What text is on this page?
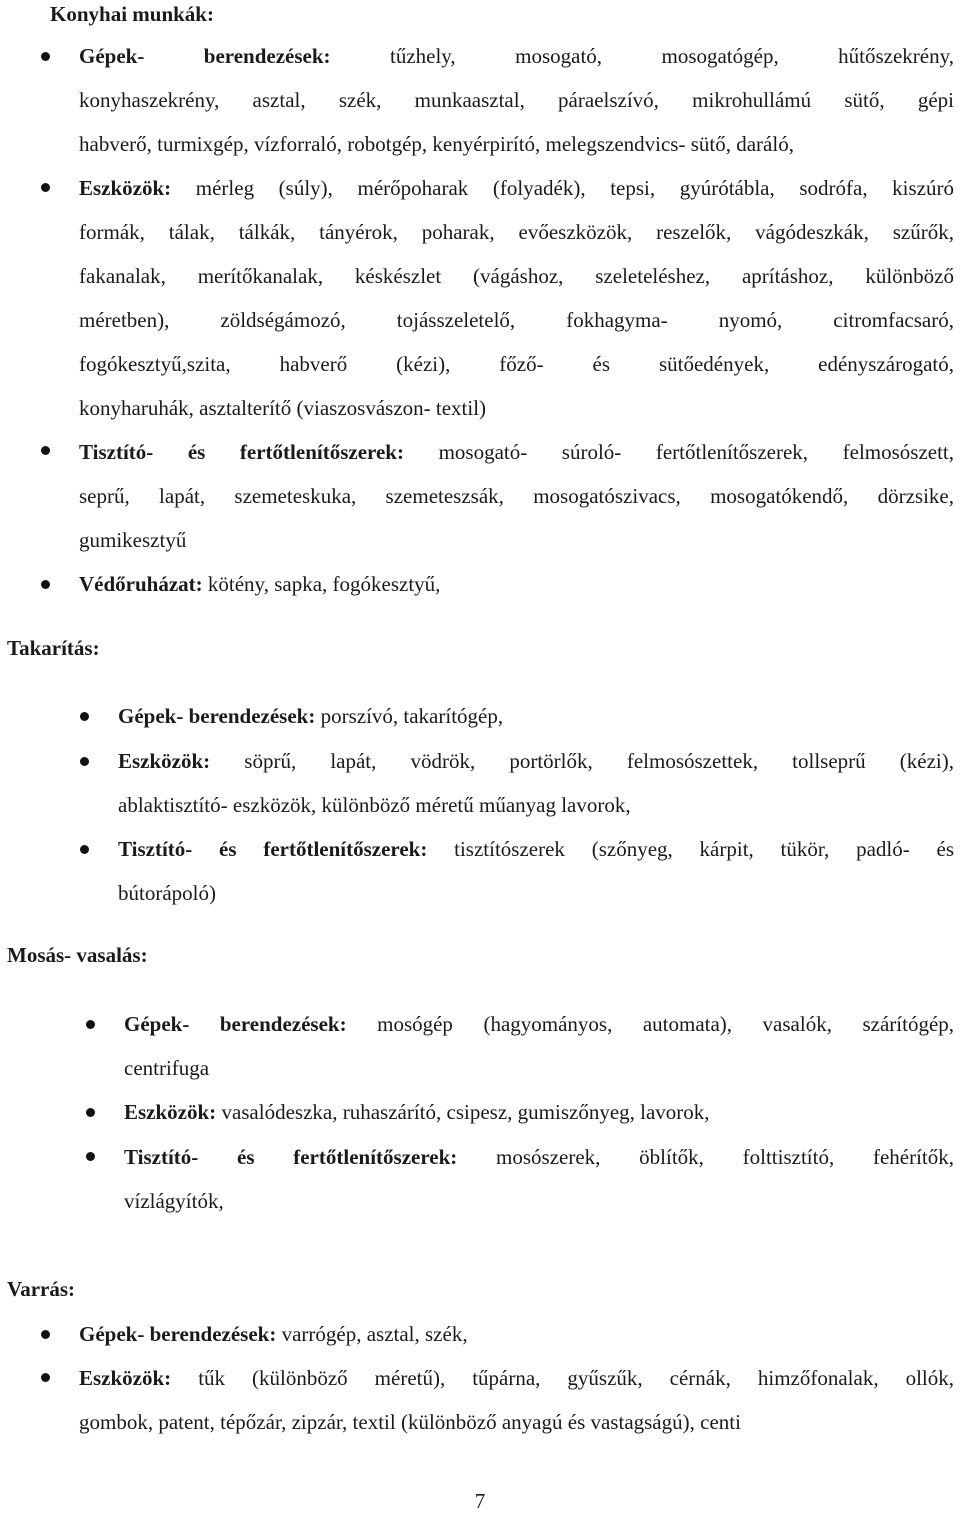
Konyhai munkák:
Gépek- berendezések:	tűzhely, mosogató, mosogatógép, hűtőszekrény,
konyhaszekrény, asztal, szék, munkaasztal, páraelszívó, mikrohullámú sütő, gépi
habverő, turmixgép, vízforraló, robotgép, kenyérpirító, melegszendvics- sütő, daráló,
Eszközök: mérleg (súly), mérőpoharak (folyadék), tepsi, gyúrótábla, sodrófa, kiszúró
formák, tálak, tálkák, tányérok, poharak, evőeszközök, reszelők, vágódeszkák, szűrők,
fakanalak, merítőkanalak, késkészlet (vágáshoz, szeleteléshez, aprításhoz, különböző
méretben), zöldségámozó, tojásszeletelő, fokhagyma- nyomó, citromfacsaró,
fogókesztyű,szita, habverő (kézi), főző- és sütőedények, edényszárogató,
konyharuhák, asztalterítő (viaszosvászon- textil)
Tisztító- és fertőtlenítőszerek: mosogató- súroló- fertőtlenítőszerek, felmosószett,
seprű, lapát, szemeteskuka, szemeteszsák, mosogatószivacs, mosogatókendő, dörzsike,
gumikesztyű
Védőruházat: kötény, sapka, fogókesztyű,
Takarítás:
Gépek- berendezések: porszívó, takarítógép,
Eszközök: söprű, lapát, vödrök, portörlők, felmosószettek, tollseprű (kézi),
ablaktisztító- eszközök, különböző méretű műanyag lavorok,
Tisztító- és fertőtlenítőszerek: tisztítószerek (szőnyeg, kárpit, tükör, padló- és
bútorápoló)
Mosás- vasalás:
Gépek- berendezések: mosógép (hagyományos, automata), vasalók, szárítógép,
centrifuga
Eszközök: vasalódeszka, ruhaszárító, csipesz, gumiszőnyeg, lavorok,
Tisztító- és fertőtlenítőszerek: mosószerek, öblítők, folttisztító, fehérítők,
vízlágyítók,
Varrás:
Gépek- berendezések: varrógép, asztal, szék,
Eszközök: tűk (különböző méretű), tűpárna, gyűszűk, cérnák, himzőfonalak, ollók,
gombok, patent, tépőzár, zipzár, textil (különböző anyagú és vastagságú), centi
7
